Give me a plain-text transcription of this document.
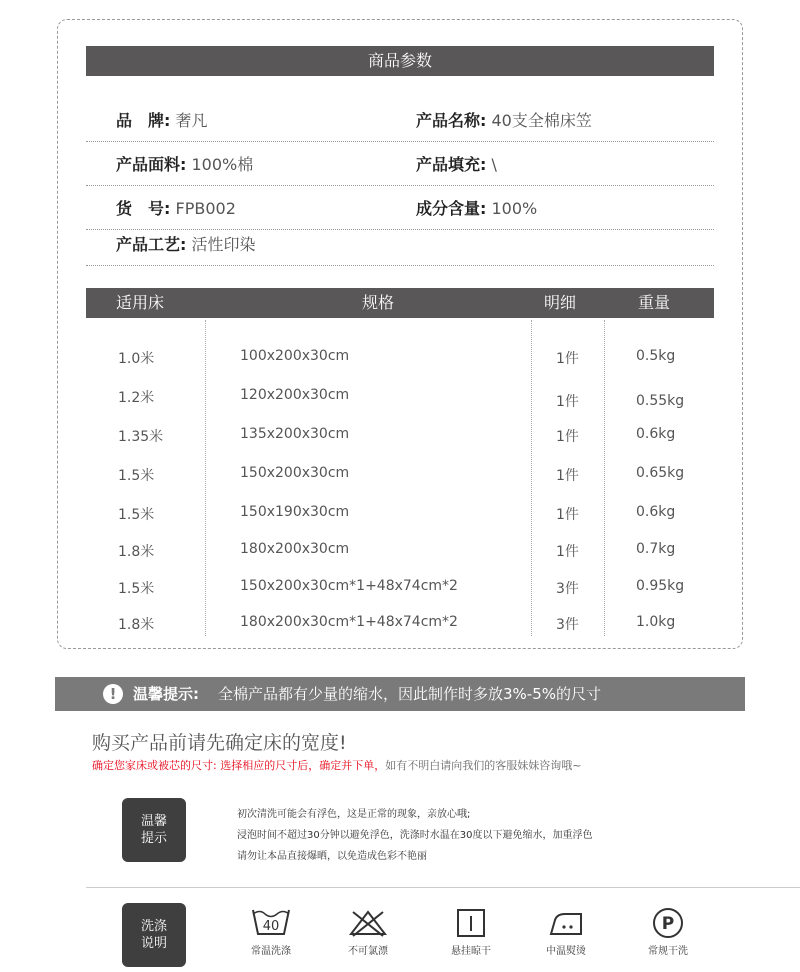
商品参数
品　牌: 奢凡	产品名称: 40支全棉床笠
产品面料: 100%棉	产品填充: \
货　号: FPB002	成分含量: 100%
产品工艺: 活性印染
适用床	规格	明细	重量
1.0米	100x200x30cm	1件	0.5kg
1.2米	120x200x30cm	1件	0.55kg
1.35米	135x200x30cm	1件	0.6kg
1.5米	150x200x30cm	1件	0.65kg
1.5米	150x190x30cm	1件	0.6kg
1.8米	180x200x30cm	1件	0.7kg
1.5米	150x200x30cm*1+48x74cm*2	3件	0.95kg
1.8米	180x200x30cm*1+48x74cm*2	3件	1.0kg
!	温馨提示: 全棉产品都有少量的缩水，因此制作时多放3%-5%的尺寸
购买产品前请先确定床的宽度!
确定您家床或被芯的尺寸: 选择相应的尺寸后，确定并下单，如有不明白请向我们的客服妹妹咨询哦~
温馨
提示
初次清洗可能会有浮色，这是正常的现象，亲放心哦;
浸泡时间不超过30分钟以避免浮色，洗涤时水温在30度以下避免缩水，加重浮色
请勿让本品直接爆晒，以免造成色彩不艳丽
洗涤
说明
40
常温洗涤	不可氯漂	悬挂晾干	中温熨烫
P
常规干洗
